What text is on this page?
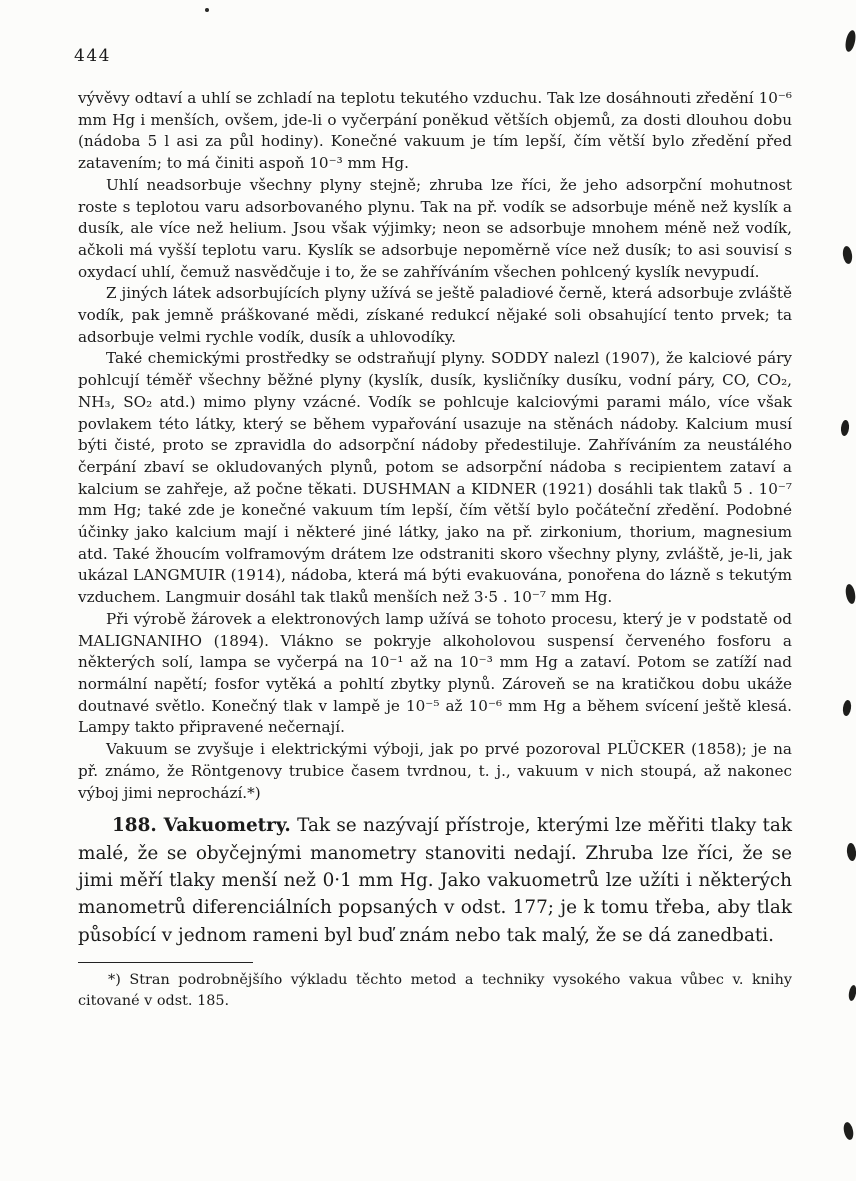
444

vývěvy odtaví a uhlí se zchladí na teplotu tekutého vzduchu. Tak lze dosáhnouti zředění 10⁻⁶ mm Hg i menších, ovšem, jde-li o vyčerpání poněkud větších objemů, za dosti dlouhou dobu (nádoba 5 l asi za půl hodiny). Konečné vakuum je tím lepší, čím větší bylo zředění před zatavením; to má činiti aspoň 10⁻³ mm Hg.

Uhlí neadsorbuje všechny plyny stejně; zhruba lze říci, že jeho adsorpční mohutnost roste s teplotou varu adsorbovaného plynu. Tak na př. vodík se adsorbuje méně než kyslík a dusík, ale více než helium. Jsou však výjimky; neon se adsorbuje mnohem méně než vodík, ačkoli má vyšší teplotu varu. Kyslík se adsorbuje nepoměrně více než dusík; to asi souvisí s oxydací uhlí, čemuž nasvědčuje i to, že se zahříváním všechen pohlcený kyslík nevypudí.

Z jiných látek adsorbujících plyny užívá se ještě paladiové černě, která adsorbuje zvláště vodík, pak jemně práškované mědi, získané redukcí nějaké soli obsahující tento prvek; ta adsorbuje velmi rychle vodík, dusík a uhlovodíky.

Také chemickými prostředky se odstraňují plyny. SODDY nalezl (1907), že kalciové páry pohlcují téměř všechny běžné plyny (kyslík, dusík, kysličníky dusíku, vodní páry, CO, CO₂, NH₃, SO₂ atd.) mimo plyny vzácné. Vodík se pohlcuje kalciovými parami málo, více však povlakem této látky, který se během vypařování usazuje na stěnách nádoby. Kalcium musí býti čisté, proto se zpravidla do adsorpční nádoby předestiluje. Zahříváním za neustálého čerpání zbaví se okludovaných plynů, potom se adsorpční nádoba s recipientem zataví a kalcium se zahřeje, až počne těkati. DUSHMAN a KIDNER (1921) dosáhli tak tlaků 5 . 10⁻⁷ mm Hg; také zde je konečné vakuum tím lepší, čím větší bylo počáteční zředění. Podobné účinky jako kalcium mají i některé jiné látky, jako na př. zirkonium, thorium, magnesium atd. Také žhoucím volframovým drátem lze odstraniti skoro všechny plyny, zvláště, je-li, jak ukázal LANGMUIR (1914), nádoba, která má býti evakuována, ponořena do lázně s tekutým vzduchem. Langmuir dosáhl tak tlaků menších než 3·5 . 10⁻⁷ mm Hg.

Při výrobě žárovek a elektronových lamp užívá se tohoto procesu, který je v podstatě od MALIGNANIHO (1894). Vlákno se pokryje alkoholovou suspensí červeného fosforu a některých solí, lampa se vyčerpá na 10⁻¹ až na 10⁻³ mm Hg a zataví. Potom se zatíží nad normální napětí; fosfor vytěká a pohltí zbytky plynů. Zároveň se na kratičkou dobu ukáže doutnavé světlo. Konečný tlak v lampě je 10⁻⁵ až 10⁻⁶ mm Hg a během svícení ještě klesá. Lampy takto připravené nečernají.

Vakuum se zvyšuje i elektrickými výboji, jak po prvé pozoroval PLÜCKER (1858); je na př. známo, že Röntgenovy trubice časem tvrdnou, t. j., vakuum v nich stoupá, až nakonec výboj jimi neprochází.*)

188. Vakuometry. Tak se nazývají přístroje, kterými lze měřiti tlaky tak malé, že se obyčejnými manometry stanoviti nedají. Zhruba lze říci, že se jimi měří tlaky menší než 0·1 mm Hg. Jako vakuometrů lze užíti i některých manometrů diferenciálních popsaných v odst. 177; je k tomu třeba, aby tlak působící v jednom rameni byl buď znám nebo tak malý, že se dá zanedbati.

*) Stran podrobnějšího výkladu těchto metod a techniky vysokého vakua vůbec v. knihy citované v odst. 185.
